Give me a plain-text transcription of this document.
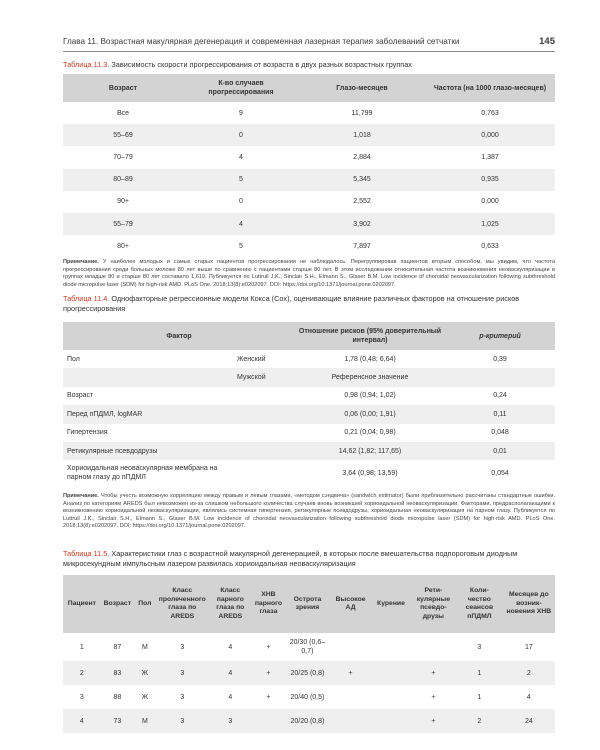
Глава 11. Возрастная макулярная дегенерация и современная лазерная терапия заболеваний сетчатки	145
Таблица 11.3. Зависимость скорости прогрессирования от возраста в двух разных возрастных группах
Возраст	К-во случаев прогрессирования	Глазо-месяцев	Частота (на 1000 глазо-месяцев)
Все	9	11,799	0,763
55–69	0	1,018	0,000
70–79	4	2,884	1,387
80–89	5	5,345	0,935
90+	0	2,552	0,000
55–79	4	3,902	1,025
80+	5	7,897	0,633
Примечание. У наиболее молодых и самых старых пациентов прогрессирования не наблюдалось. Перегруппировав пациентов вторым способом, мы увидим, что частота прогрессирования среди больных моложе 80 лет выше по сравнению с пациентами старше 80 лет. В этом исследовании относительная частота возникновения неоваскуляризации в группах младше 80 и старше 80 лет составило 1,619. Публикуется по Luttrull J.K., Sinclair S.H., Elmann S., Glaser B.M. Low incidence of choroidal neovascularization following subthreshold diode micropulse laser (SDM) for high-risk AMD. PLoS One. 2018;13(8):e0202097. DOI: https://doi.org/10.1371/journal.pone.0202097.
Таблица 11.4. Однофакторные регрессионные модели Кокса (Cox), оценивающие влияние различных факторов на отношение рисков прогрессирования
Фактор		Отношение рисков (95% доверительный интервал)	p-критерий
Пол	Женский	1,78 (0,48; 6,64)	0,39
	Мужской	Референсное значение	
Возраст		0,98 (0,94; 1,02)	0,24
Перед пПДМЛ, logMAR		0,06 (0,00; 1,91)	0,11
Гипертензия		0,21 (0,04; 0,98)	0,048
Ретикулярные псевдодрузы		14,62 (1,82; 117,65)	0,01
Хориоидальная неоваскулярная мембрана на парном глазу до пПДМЛ		3,64 (0,98; 13,59)	0,054
Примечание. Чтобы учесть возможную корреляцию между правым и левым глазами, «методом сэндвича» (sandwich estimator) были приблизительно рассчитаны стандартные ошибки. Анализ по категориям AREDS был невозможен из-за слишком небольшого количества случаев вновь возникшей хориоидальной неоваскуляризации. Факторами, предрасполагающими к возникновению хориоидальной неоваскуляризации, являлись системная гипертензия, ретикулярные псевдодрузы, хориоидальная неоваскуляризация на парном глазу. Публикуется по Luttrull J.K., Sinclair S.H., Elmann S., Glaser B.M. Low incidence of choroidal neovascularization following subthreshold diode micropulse laser (SDM) for high-risk AMD. PLoS One. 2018;13(8):e0202097. DOI: https://doi.org/10.1371/journal.pone.0202097.
Таблица 11.5. Характеристики глаз с возрастной макулярной дегенерацией, в которых после вмешательства подпороговым диодным микросекундным импульсным лазером развилась хориоидальная неоваскуляризация
Пациент	Возраст	Пол	Класс пролеченного глаза по AREDS	Класс парного глаза по AREDS	ХНВ парного глаза	Острота зрения	Высокое АД	Курение	Рети-кулярные псевдо-друзы	Коли-чество сеансов пПДМЛ	Месяцев до возник-новения ХНВ
1	87	М	3	4	+	20/30 (0,6–0,7)				3	17
2	83	Ж	3	4	+	20/25 (0,8)	+		+	1	2
3	88	Ж	3	4	+	20/40 (0,5)			+	1	4
4	73	М	3	3		20/20 (0,8)			+	2	24
